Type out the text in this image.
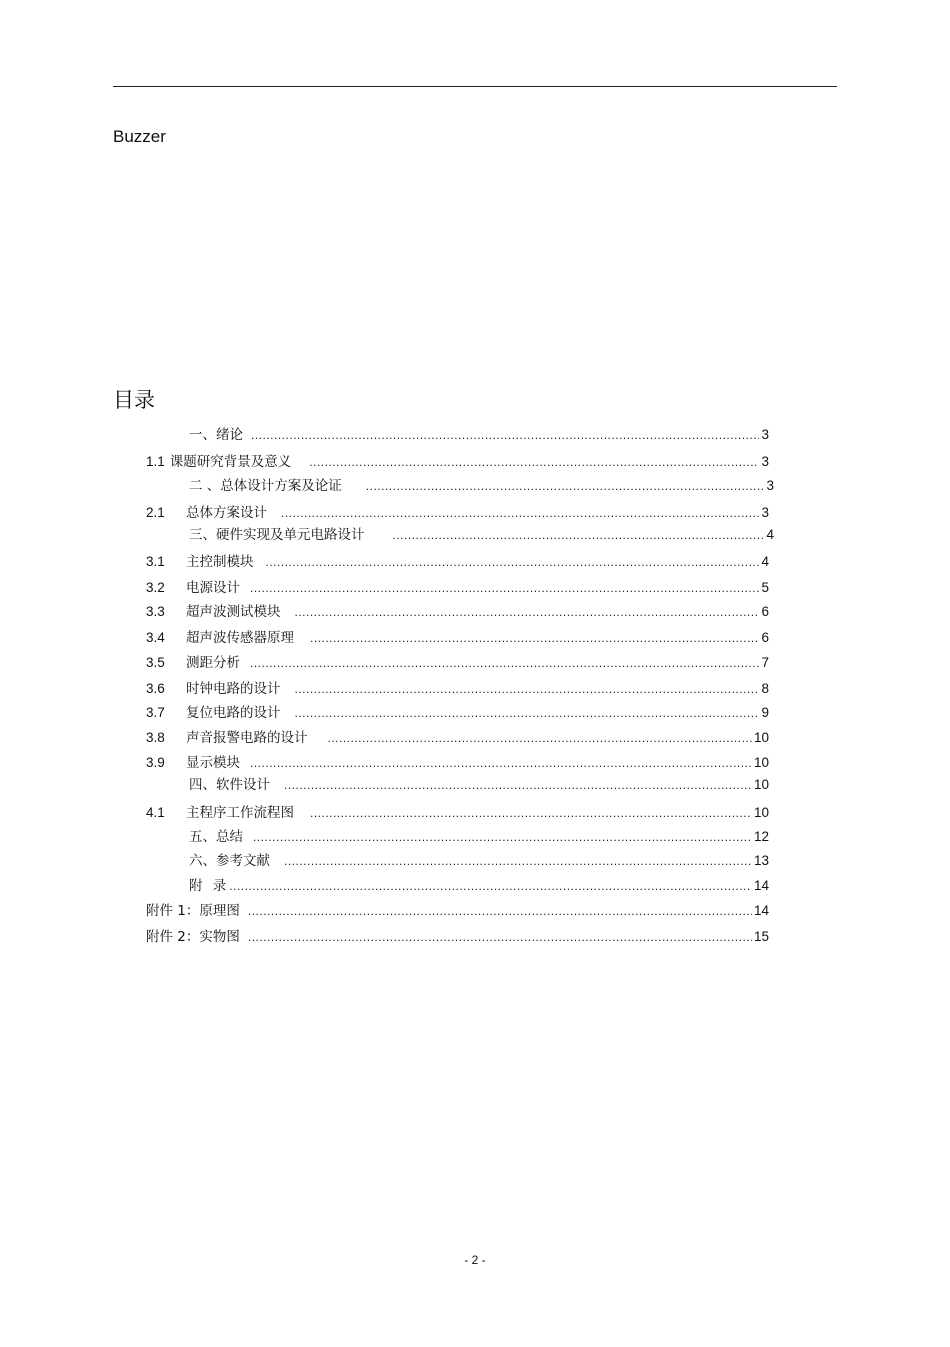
Buzzer
目录
一、绪论 .....	3
1.1 课题研究背景及意义 .....	3
二 、总体设计方案及论证 .....	3
2.1	总体方案设计 .....	3
三、硬件实现及单元电路设计 .....	4
3.1	主控制模块 .....	4
3.2	电源设计 .....	5
3.3	超声波测试模块 .....	6
3.4	超声波传感器原理 .....	6
3.5	测距分析 .....	7
3.6	时钟电路的设计 .....	8
3.7	复位电路的设计 .....	9
3.8	声音报警电路的设计 .....	10
3.9	显示模块 .....	10
四、软件设计 .....	10
4.1	主程序工作流程图 .....	10
五、总结 .....	12
六、参考文献 .....	13
附 录 .....	14
附件 1：原理图 .....	14
附件 2：实物图 .....	15
- 2 -
